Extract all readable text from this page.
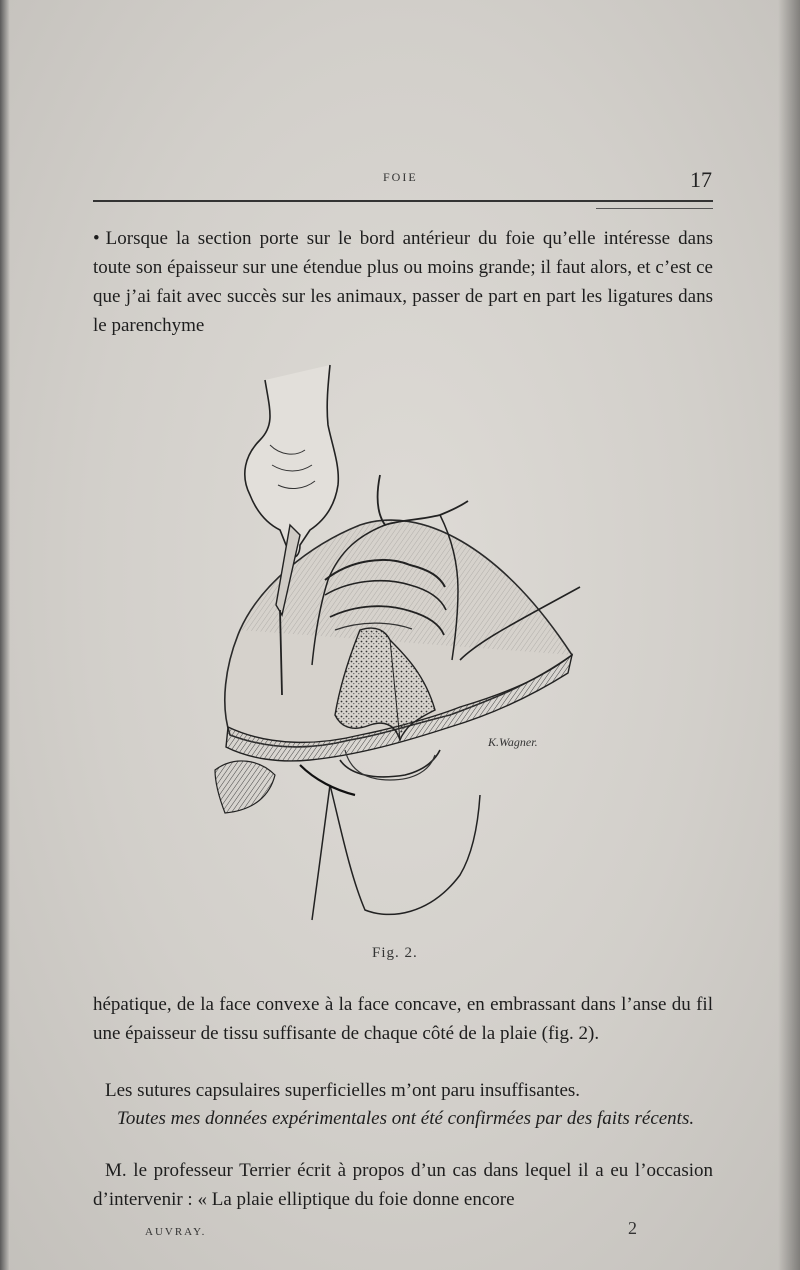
FOIE	17

• Lorsque la section porte sur le bord antérieur du foie qu’elle intéresse dans toute son épaisseur sur une étendue plus ou moins grande; il faut alors, et c’est ce que j’ai fait avec succès sur les animaux, passer de part en part les ligatures dans le parenchyme

K.Wagner.
Fig. 2.

hépatique, de la face convexe à la face concave, en embrassant dans l’anse du fil une épaisseur de tissu suffisante de chaque côté de la plaie (fig. 2).

Les sutures capsulaires superficielles m’ont paru insuffisantes.

Toutes mes données expérimentales ont été confirmées par des faits récents.

M. le professeur Terrier écrit à propos d’un cas dans lequel il a eu l’occasion d’intervenir : « La plaie elliptique du foie donne encore

AUVRAY.	2
